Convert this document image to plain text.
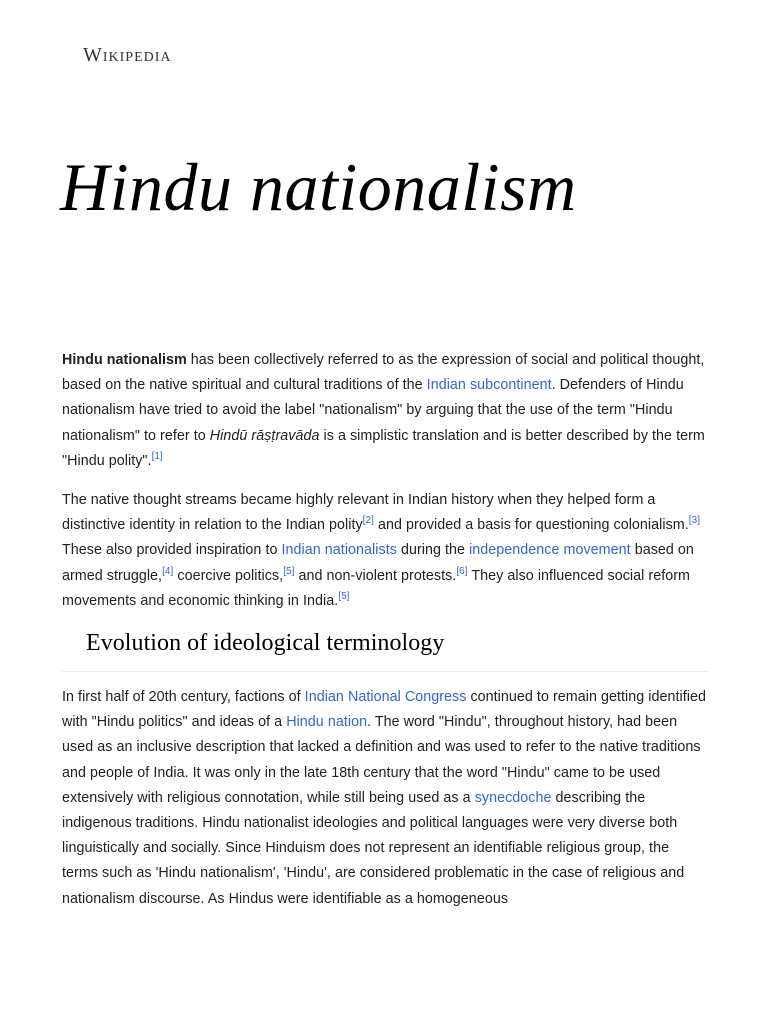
Wikipedia
Hindu nationalism

Hindu nationalism has been collectively referred to as the expression of social and political thought, based on the native spiritual and cultural traditions of the Indian subcontinent. Defenders of Hindu nationalism have tried to avoid the label "nationalism" by arguing that the use of the term "Hindu nationalism" to refer to Hindū rāṣṭravāda is a simplistic translation and is better described by the term "Hindu polity".[1]

The native thought streams became highly relevant in Indian history when they helped form a distinctive identity in relation to the Indian polity[2] and provided a basis for questioning colonialism.[3] These also provided inspiration to Indian nationalists during the independence movement based on armed struggle,[4] coercive politics,[5] and non-violent protests.[6] They also influenced social reform movements and economic thinking in India.[5]

Evolution of ideological terminology

In first half of 20th century, factions of Indian National Congress continued to remain getting identified with "Hindu politics" and ideas of a Hindu nation. The word "Hindu", throughout history, had been used as an inclusive description that lacked a definition and was used to refer to the native traditions and people of India. It was only in the late 18th century that the word "Hindu" came to be used extensively with religious connotation, while still being used as a synecdoche describing the indigenous traditions. Hindu nationalist ideologies and political languages were very diverse both linguistically and socially. Since Hinduism does not represent an identifiable religious group, the terms such as 'Hindu nationalism', 'Hindu', are considered problematic in the case of religious and nationalism discourse. As Hindus were identifiable as a homogeneous
